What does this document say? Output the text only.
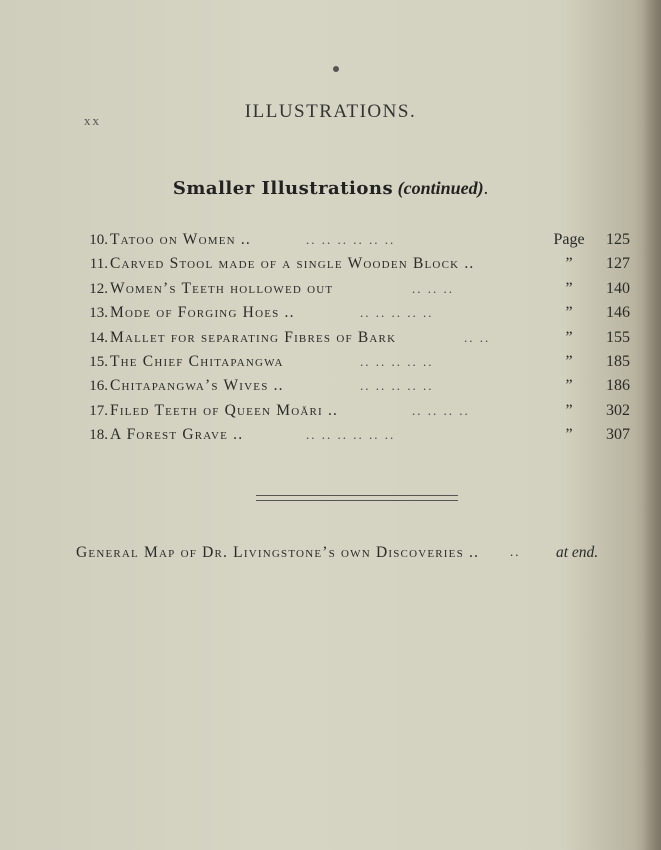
xx	ILLUSTRATIONS.
Smaller Illustrations (continued).
10. Tatoo on Women ..	.. .. .. .. .. ..	Page	125
11. Carved Stool made of a single Wooden Block ..	”	127
12. Women’s Teeth hollowed out	.. .. ..	”	140
13. Mode of Forging Hoes ..	.. .. .. .. ..	”	146
14. Mallet for separating Fibres of Bark	.. ..	”	155
15. The Chief Chitapangwa	.. .. .. .. ..	”	185
16. Chitapangwa’s Wives ..	.. .. .. .. ..	”	186
17. Filed Teeth of Queen Moări ..	.. .. .. ..	”	302
18. A Forest Grave ..	.. .. .. .. .. ..	”	307
General Map of Dr. Livingstone’s own Discoveries .. .. at end.
